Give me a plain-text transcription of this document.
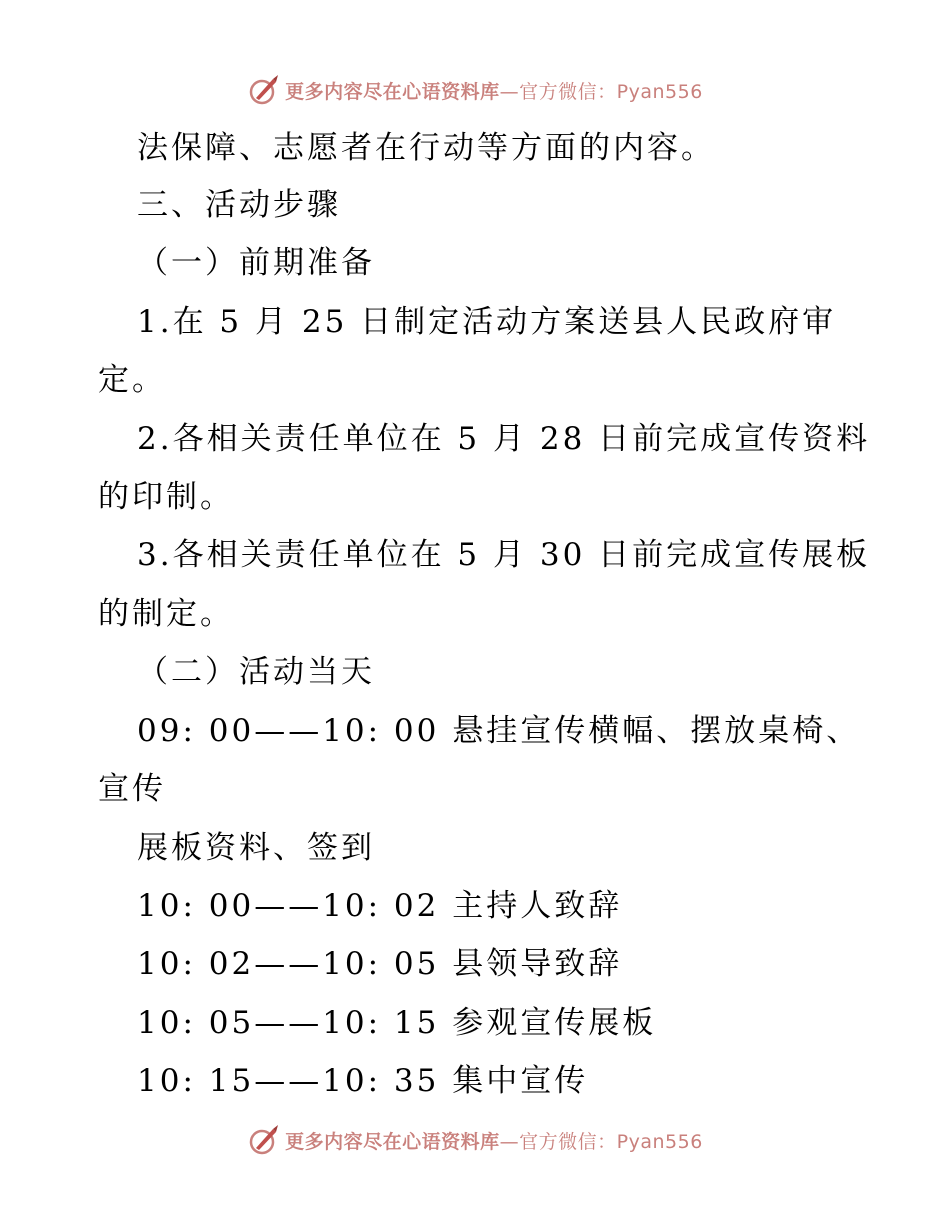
更多内容尽在心语资料库—官方微信：Pyan556
法保障、志愿者在行动等方面的内容。
三、活动步骤
（一）前期准备
1.在 5 月 25 日制定活动方案送县人民政府审
定。
2.各相关责任单位在 5 月 28 日前完成宣传资料
的印制。
3.各相关责任单位在 5 月 30 日前完成宣传展板
的制定。
（二）活动当天
09: 00——10: 00 悬挂宣传横幅、摆放桌椅、
宣传
展板资料、签到
10: 00——10: 02 主持人致辞
10: 02——10: 05 县领导致辞
10: 05——10: 15 参观宣传展板
10: 15——10: 35 集中宣传
更多内容尽在心语资料库—官方微信：Pyan556
